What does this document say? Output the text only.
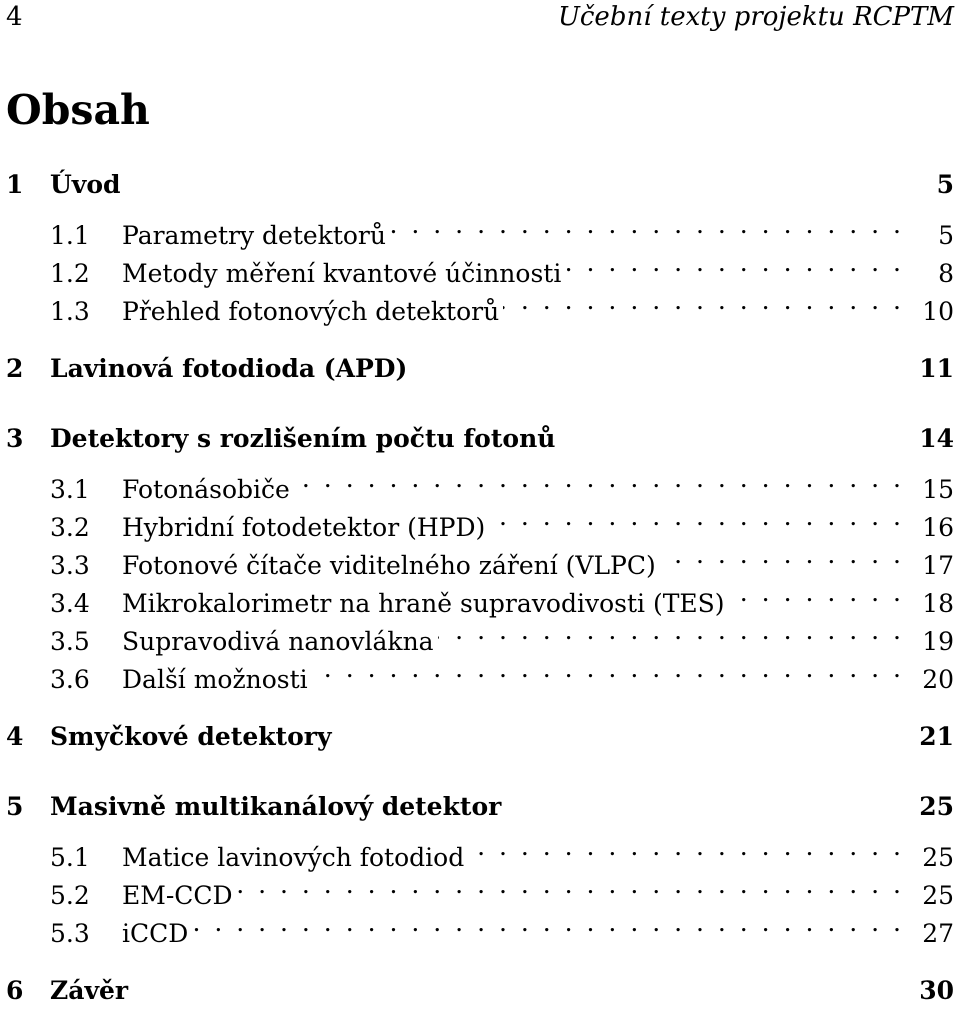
4	Učební texty projektu RCPTM
Obsah
1	Úvod	5
1.1	Parametry detektorů . . .	5
1.2	Metody měření kvantové účinnosti . . .	8
1.3	Přehled fotonových detektorů . . .	10
2	Lavinová fotodioda (APD)	11
3	Detektory s rozlišením počtu fotonů	14
3.1	Fotonásobiče . . .	15
3.2	Hybridní fotodetektor (HPD) . . .	16
3.3	Fotonové čítače viditelného záření (VLPC) . . .	17
3.4	Mikrokalorimetr na hraně supravodivosti (TES) . . .	18
3.5	Supravodivá nanovlákna . . .	19
3.6	Další možnosti . . .	20
4	Smyčkové detektory	21
5	Masivně multikanálový detektor	25
5.1	Matice lavinových fotodiod . . .	25
5.2	EM-CCD . . .	25
5.3	iCCD . . .	27
6	Závěr	30
